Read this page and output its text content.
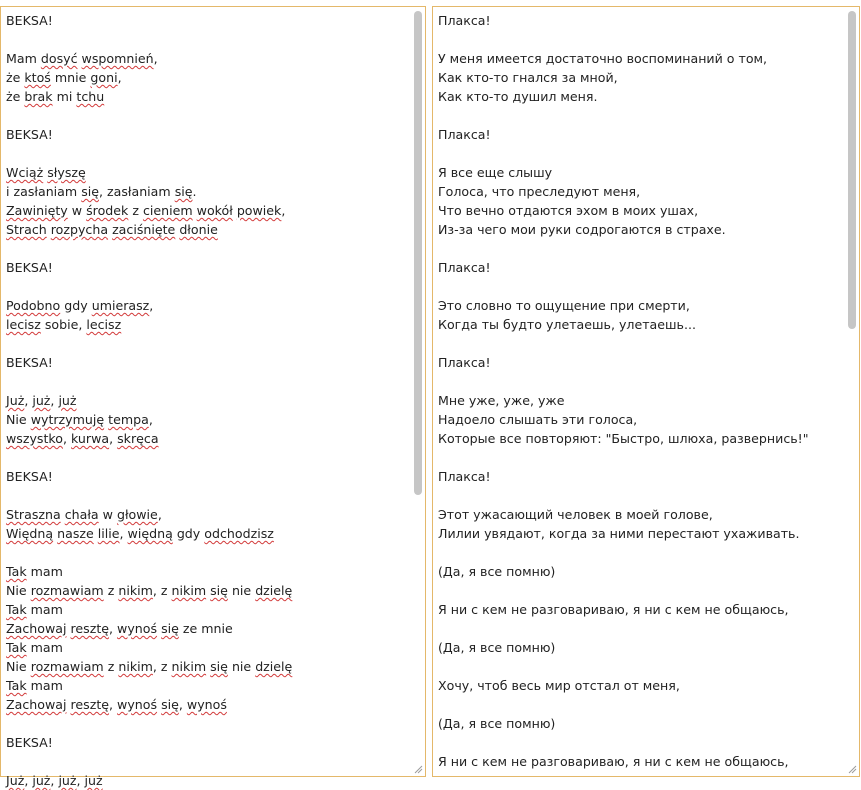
BEKSA!
Mam dosyć wspomnień,
że ktoś mnie goni,
że brak mi tchu
BEKSA!
Wciąż słyszę
i zasłaniam się, zasłaniam się.
Zawinięty w środek z cieniem wokół powiek,
Strach rozpycha zaciśnięte dłonie
BEKSA!
Podobno gdy umierasz,
lecisz sobie, lecisz
BEKSA!
Już, już, już
Nie wytrzymuję tempa,
wszystko, kurwa, skręca
BEKSA!
Straszna chała w głowie,
Więdną nasze lilie, więdną gdy odchodzisz
Tak mam
Nie rozmawiam z nikim, z nikim się nie dzielę
Tak mam
Zachowaj resztę, wynoś się ze mnie
Tak mam
Nie rozmawiam z nikim, z nikim się nie dzielę
Tak mam
Zachowaj resztę, wynoś się, wynoś
BEKSA!
Już, już, już, już
Плакса!
У меня имеется достаточно воспоминаний о том,
Как кто-то гнался за мной,
Как кто-то душил меня.
Плакса!
Я все еще слышу
Голоса, что преследуют меня,
Что вечно отдаются эхом в моих ушах,
Из-за чего мои руки содрогаются в страхе.
Плакса!
Это словно то ощущение при смерти,
Когда ты будто улетаешь, улетаешь...
Плакса!
Мне уже, уже, уже
Надоело слышать эти голоса,
Которые все повторяют: "Быстро, шлюха, развернись!"
Плакса!
Этот ужасающий человек в моей голове,
Лилии увядают, когда за ними перестают ухаживать.
(Да, я все помню)
Я ни с кем не разговариваю, я ни с кем не общаюсь,
(Да, я все помню)
Хочу, чтоб весь мир отстал от меня,
(Да, я все помню)
Я ни с кем не разговариваю, я ни с кем не общаюсь,
